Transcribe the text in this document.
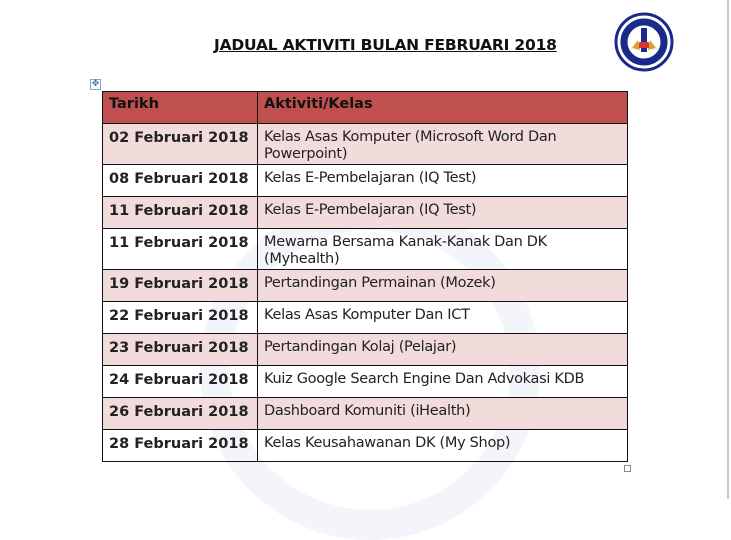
JADUAL AKTIVITI BULAN FEBRUARI 2018
✥
Tarikh	Aktiviti/Kelas
02 Februari 2018	Kelas Asas Komputer (Microsoft Word Dan Powerpoint)
08 Februari 2018	Kelas E-Pembelajaran (IQ Test)
11 Februari 2018	Kelas E-Pembelajaran (IQ Test)
11 Februari 2018	Mewarna Bersama Kanak-Kanak Dan DK (Myhealth)
19 Februari 2018	Pertandingan Permainan (Mozek)
22 Februari 2018	Kelas Asas Komputer Dan ICT
23 Februari 2018	Pertandingan Kolaj (Pelajar)
24 Februari 2018	Kuiz Google Search Engine Dan Advokasi KDB
26 Februari 2018	Dashboard Komuniti (iHealth)
28 Februari 2018	Kelas Keusahawanan DK (My Shop)
